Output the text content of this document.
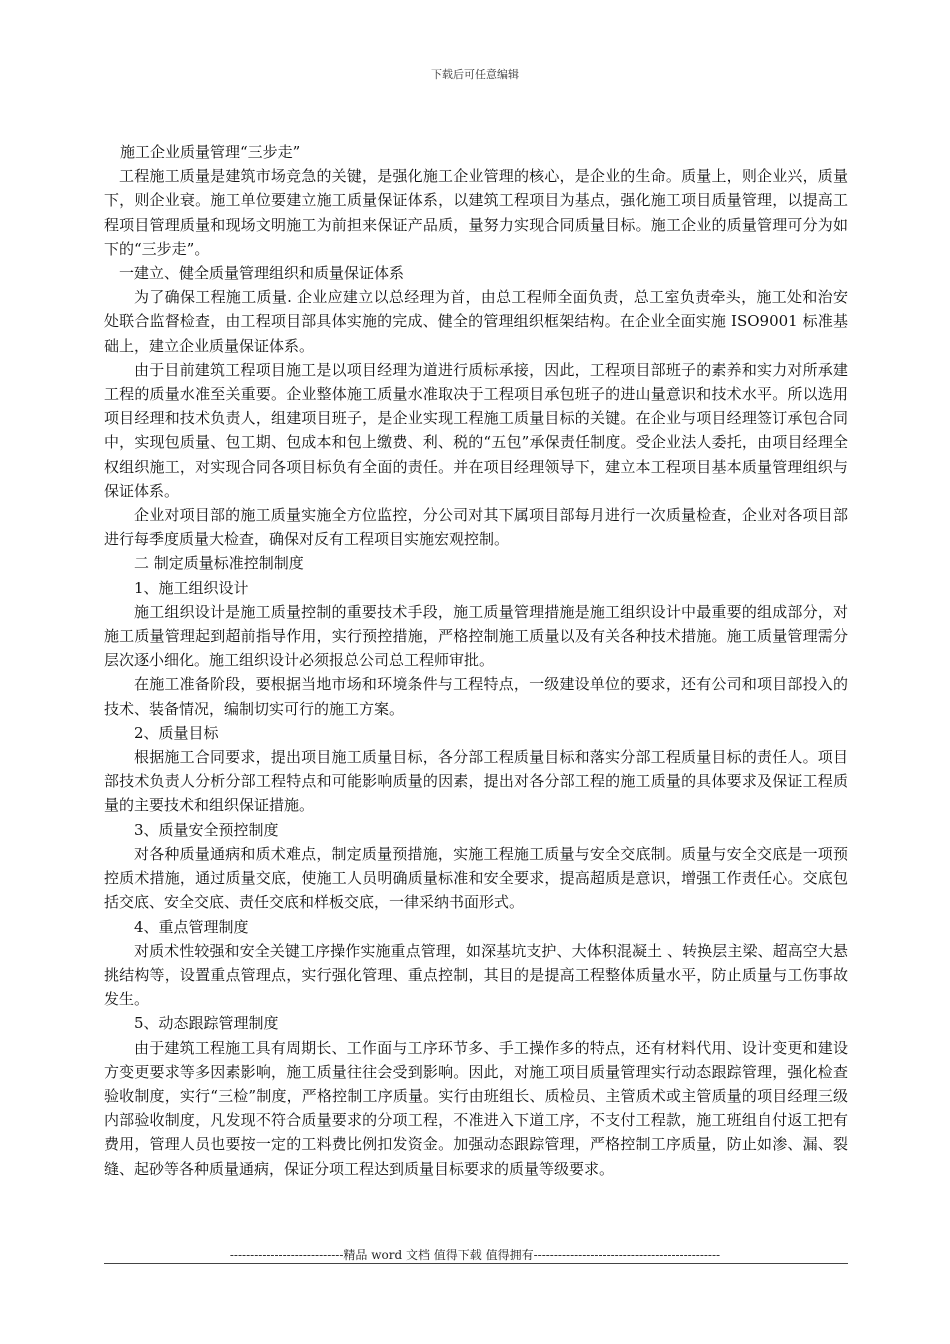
下载后可任意编辑

施工企业质量管理“三步走”

工程施工质量是建筑市场竞急的关键，是强化施工企业管理的核心，是企业的生命。质量上，则企业兴，质量下，则企业衰。施工单位要建立施工质量保证体系，以建筑工程项目为基点，强化施工项目质量管理，以提高工程项目管理质量和现场文明施工为前担来保证产品质，量努力实现合同质量目标。施工企业的质量管理可分为如下的“三步走”。

一建立、健全质量管理组织和质量保证体系

为了确保工程施工质量. 企业应建立以总经理为首，由总工程师全面负责，总工室负责牵头，施工处和治安处联合监督检查，由工程项目部具体实施的完成、健全的管理组织框架结构。在企业全面实施 ISO9001 标准基础上，建立企业质量保证体系。

由于目前建筑工程项目施工是以项目经理为道进行质标承接，因此，工程项目部班子的素养和实力对所承建工程的质量水准至关重要。企业整体施工质量水准取决于工程项目承包班子的进山量意识和技术水平。所以选用项目经理和技术负责人，组建项目班子，是企业实现工程施工质量目标的关键。在企业与项目经理签订承包合同中，实现包质量、包工期、包成本和包上缴费、利、税的“五包”承保责任制度。受企业法人委托，由项目经理全权组织施工，对实现合同各项目标负有全面的责任。并在项目经理领导下，建立本工程项目基本质量管理组织与保证体系。

企业对项目部的施工质量实施全方位监控，分公司对其下属项目部每月进行一次质量检查，企业对各项目部进行每季度质量大检查，确保对反有工程项目实施宏观控制。

二 制定质量标准控制制度

1、施工组织设计

施工组织设计是施工质量控制的重要技术手段，施工质量管理措施是施工组织设计中最重要的组成部分，对施工质量管理起到超前指导作用，实行预控措施，严格控制施工质量以及有关各种技术措施。施工质量管理需分层次逐小细化。施工组织设计必须报总公司总工程师审批。

在施工准备阶段，要根据当地市场和环境条件与工程特点，一级建设单位的要求，还有公司和项目部投入的技术、装备情况，编制切实可行的施工方案。

2、质量目标

根据施工合同要求，提出项目施工质量目标，各分部工程质量目标和落实分部工程质量目标的责任人。项目部技术负责人分析分部工程特点和可能影响质量的因素，提出对各分部工程的施工质量的具体要求及保证工程质量的主要技术和组织保证措施。

3、质量安全预控制度

对各种质量通病和质术难点，制定质量预措施，实施工程施工质量与安全交底制。质量与安全交底是一项预控质术措施，通过质量交底，使施工人员明确质量标准和安全要求，提高超质是意识，增强工作责任心。交底包括交底、安全交底、责任交底和样板交底，一律采纳书面形式。

4、重点管理制度

对质术性较强和安全关键工序操作实施重点管理，如深基坑支护、大体积混凝土 、转换层主梁、超高空大悬挑结构等，设置重点管理点，实行强化管理、重点控制，其目的是提高工程整体质量水平，防止质量与工伤事故发生。

5、动态跟踪管理制度

由于建筑工程施工具有周期长、工作面与工序环节多、手工操作多的特点，还有材料代用、设计变更和建设方变更要求等多因素影响，施工质量往往会受到影响。因此，对施工项目质量管理实行动态跟踪管理，强化检查验收制度，实行“三检”制度，严格控制工序质量。实行由班组长、质检员、主管质术或主管质量的项目经理三级内部验收制度，凡发现不符合质量要求的分项工程，不准进入下道工序，不支付工程款，施工班组自付返工把有费用，管理人员也要按一定的工料费比例扣发资金。加强动态跟踪管理，严格控制工序质量，防止如渗、漏、裂缝、起砂等各种质量通病，保证分项工程达到质量目标要求的质量等级要求。

----------------------------精品 word 文档 值得下载 值得拥有----------------------------------------------
